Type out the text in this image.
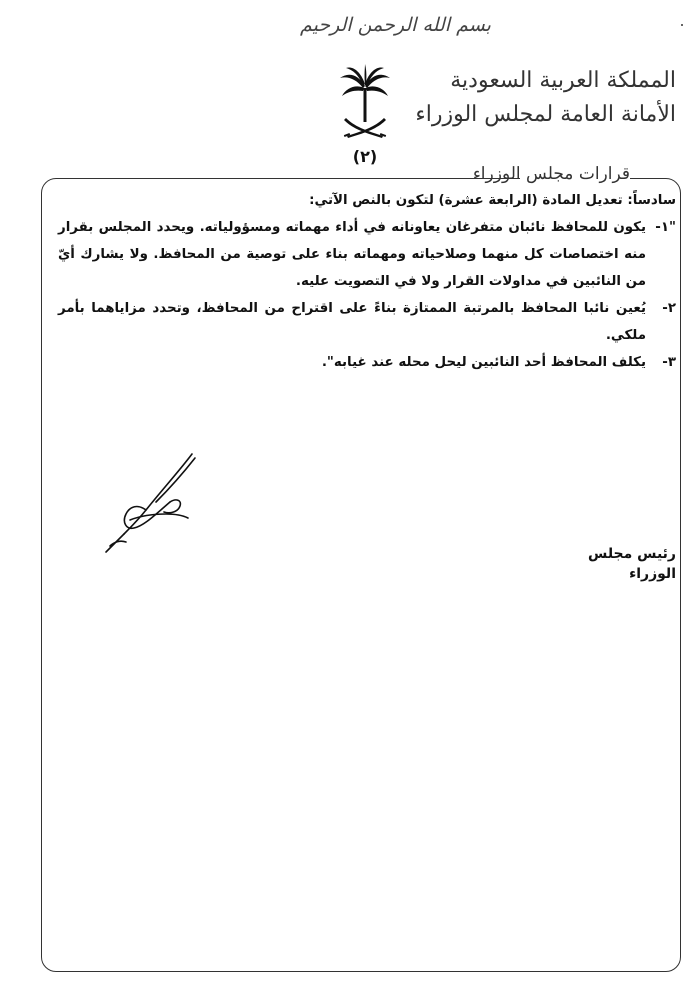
بسم الله الرحمن الرحيم
المملكة العربية السعودية
الأمانة العامة لمجلس الوزراء
(٢)
قرارات مجلس الوزراء

سادساً: تعديل المادة (الرابعة عشرة) لتكون بالنص الآتي:

"١-
يكون للمحافظ نائبان متفرغان يعاونانه في أداء مهماته ومسؤولياته. ويحدد المجلس بقرار منه اختصاصات كل منهما وصلاحياته ومهماته بناء على توصية من المحافظ. ولا يشارك أيّ من النائبين في مداولات القرار ولا في التصويت عليه.
٢-
يُعين نائبا المحافظ بالمرتبة الممتازة بناءً على اقتراح من المحافظ، وتحدد مزاياهما بأمر ملكي.
٣-
يكلف المحافظ أحد النائبين ليحل محله عند غيابه".
رئيس مجلس الوزراء
